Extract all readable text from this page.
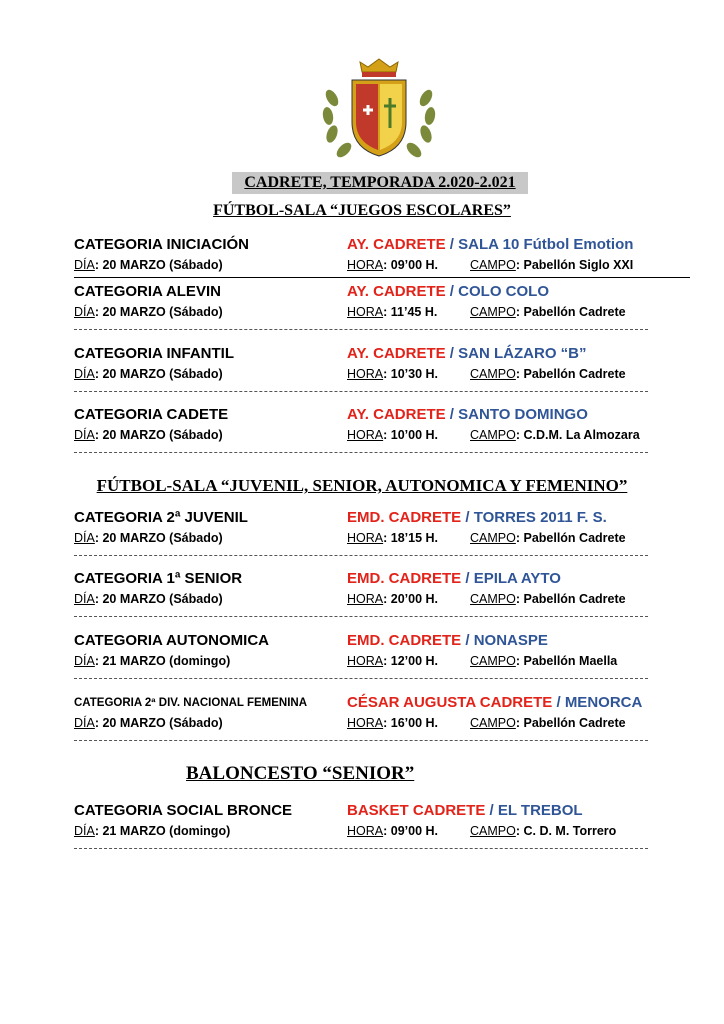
CADRETE, TEMPORADA 2.020-2.021
FÚTBOL-SALA “JUEGOS ESCOLARES”
CATEGORIA INICIACIÓN	AY. CADRETE / SALA 10 Fútbol Emotion
DÍA: 20 MARZO (Sábado)	HORA: 09’00 H.	CAMPO: Pabellón Siglo XXI
CATEGORIA ALEVIN	AY. CADRETE / COLO COLO
DÍA: 20 MARZO (Sábado)	HORA: 11’45 H.	CAMPO: Pabellón Cadrete
CATEGORIA INFANTIL	AY. CADRETE / SAN LÁZARO “B”
DÍA: 20 MARZO (Sábado)	HORA: 10’30 H.	CAMPO: Pabellón Cadrete
CATEGORIA CADETE	AY. CADRETE / SANTO DOMINGO
DÍA: 20 MARZO (Sábado)	HORA: 10’00 H.	CAMPO: C.D.M. La Almozara
FÚTBOL-SALA “JUVENIL, SENIOR, AUTONOMICA Y FEMENINO”
CATEGORIA 2ª JUVENIL	EMD. CADRETE / TORRES 2011 F. S.
DÍA: 20 MARZO (Sábado)	HORA: 18’15 H.	CAMPO: Pabellón Cadrete
CATEGORIA 1ª SENIOR	EMD. CADRETE / EPILA AYTO
DÍA: 20 MARZO (Sábado)	HORA: 20’00 H.	CAMPO: Pabellón Cadrete
CATEGORIA AUTONOMICA	EMD. CADRETE / NONASPE
DÍA: 21 MARZO (domingo)	HORA: 12’00 H.	CAMPO: Pabellón Maella
CATEGORIA 2ª DIV. NACIONAL FEMENINA	CÉSAR AUGUSTA CADRETE / MENORCA
DÍA: 20 MARZO (Sábado)	HORA: 16’00 H.	CAMPO: Pabellón Cadrete
BALONCESTO “SENIOR”
CATEGORIA SOCIAL BRONCE	BASKET CADRETE / EL TREBOL
DÍA: 21 MARZO (domingo)	HORA: 09’00 H.	CAMPO: C. D. M. Torrero
